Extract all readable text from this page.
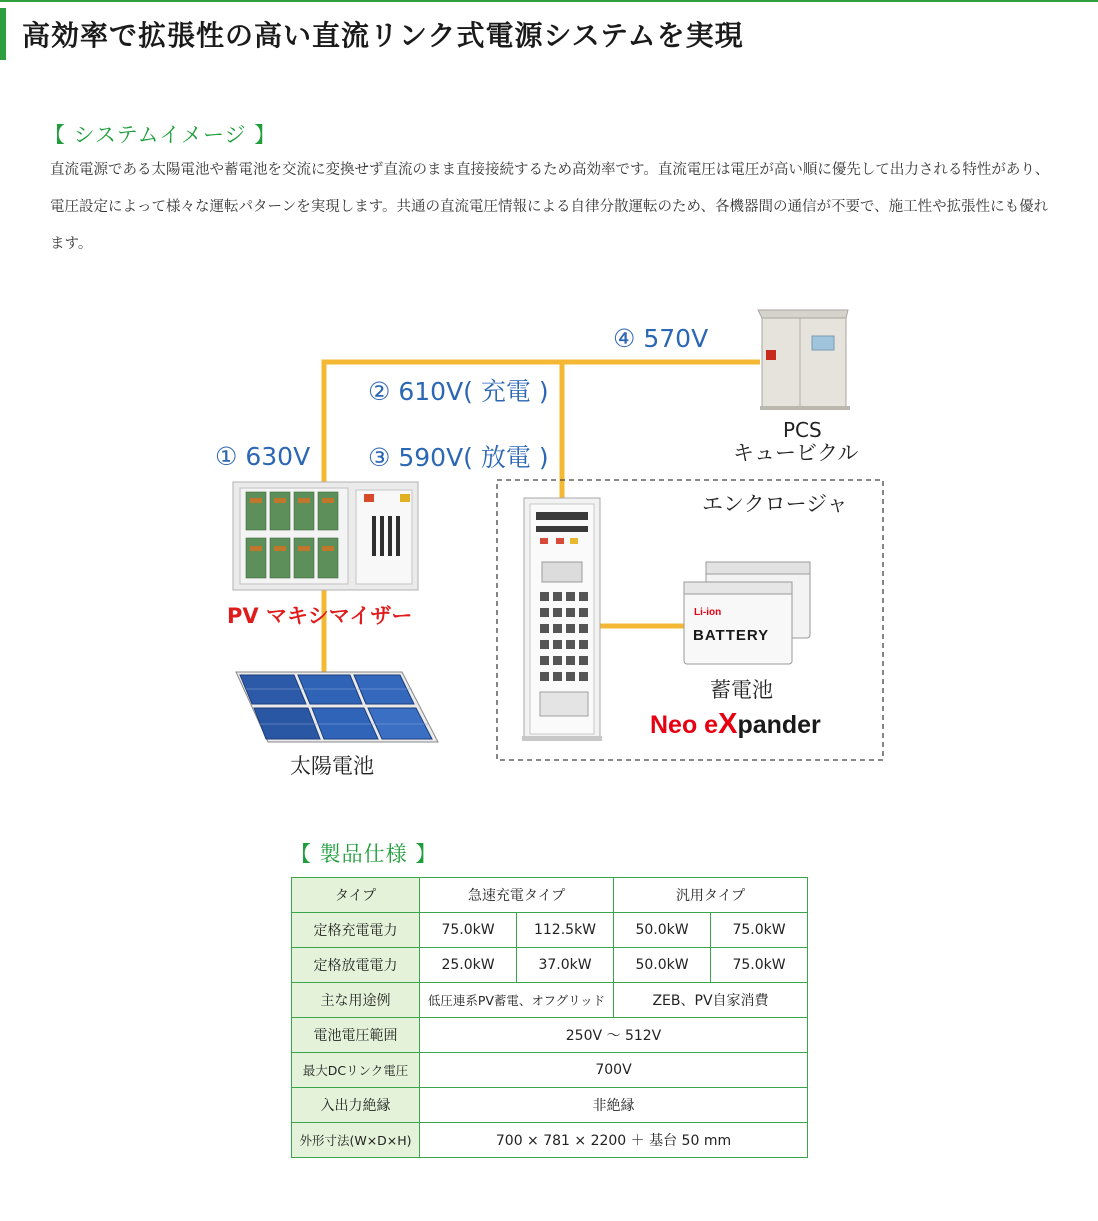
高効率で拡張性の高い直流リンク式電源システムを実現
【 システムイメージ 】
直流電源である太陽電池や蓄電池を交流に変換せず直流のまま直接接続するため高効率です。直流電圧は電圧が高い順に優先して出力される特性があり、電圧設定によって様々な運転パターンを実現します。共通の直流電圧情報による自律分散運転のため、各機器間の通信が不要で、施工性や拡張性にも優れます。
④ 570V
② 610V( 充電 )
① 630V ③ 590V( 放電 )
PCS
キュービクル
エンクロージャ
PV マキシマイザー
太陽電池
蓄電池
Li-ion
BATTERY
Neo eXpander
【 製品仕様 】
タイプ	急速充電タイプ		汎用タイプ	
定格充電電力	75.0kW	112.5kW	50.0kW	75.0kW
定格放電電力	25.0kW	37.0kW	50.0kW	75.0kW
主な用途例	低圧連系PV蓄電、オフグリッド		ZEB、PV自家消費	
電池電圧範囲	250V ～ 512V			
最大DCリンク電圧	700V			
入出力絶縁	非絶縁			
外形寸法(W×D×H)	700 × 781 × 2200 ＋ 基台 50 mm			
